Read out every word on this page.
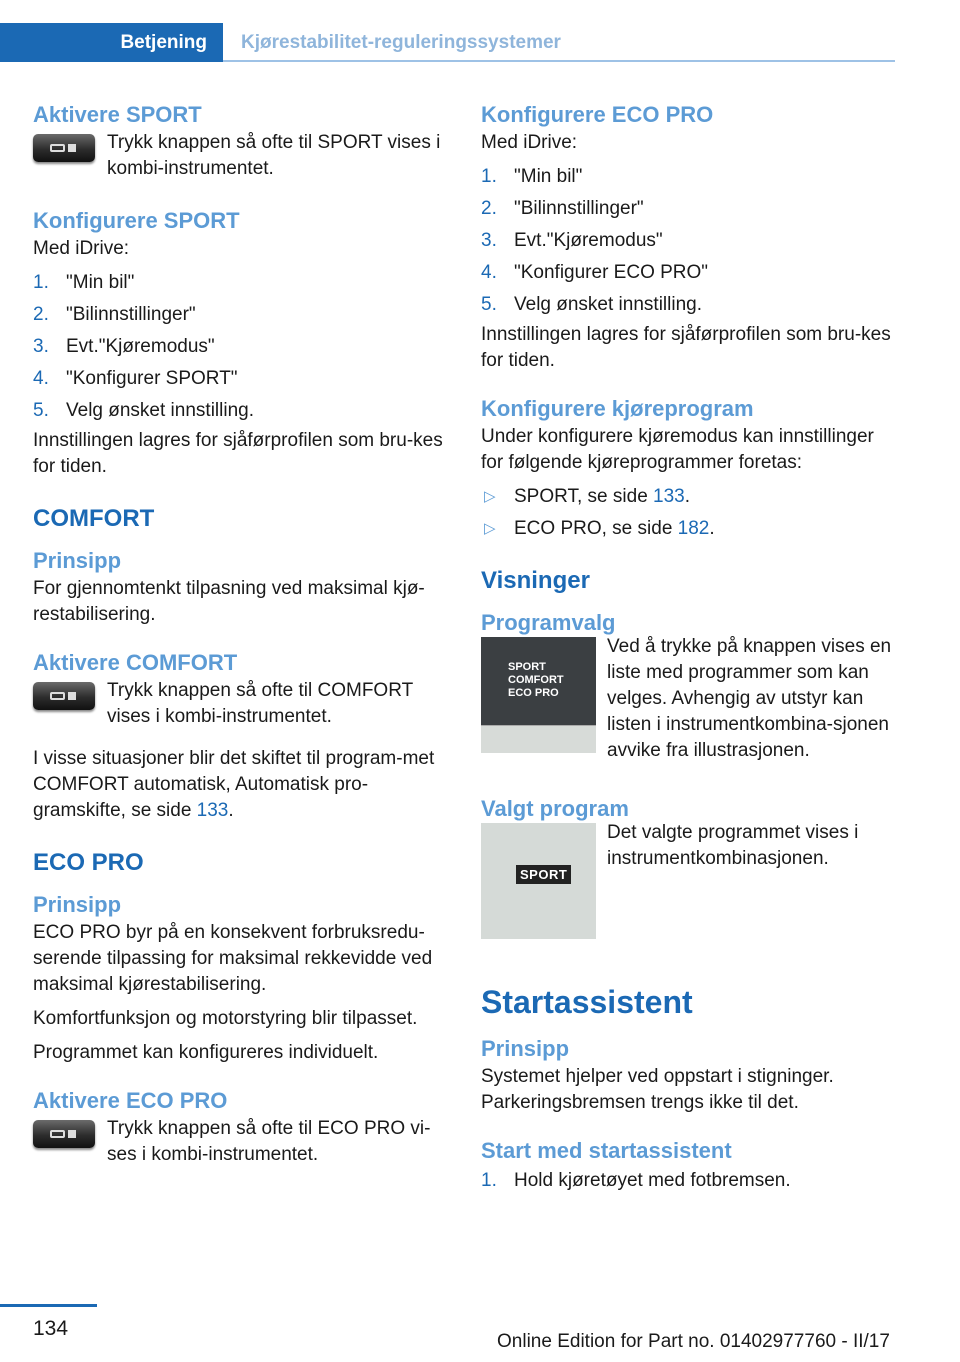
Betjening Kjørestabilitet-reguleringssystemer
Aktivere SPORT

Trykk knappen så ofte til SPORT vises i kombi-instrumentet.

Konfigurere SPORT

Med iDrive:

1. "Min bil"
2. "Bilinnstillinger"
3. Evt."Kjøremodus"
4. "Konfigurer SPORT"
5. Velg ønsket innstilling.

Innstillingen lagres for sjåførprofilen som bru-kes for tiden.

COMFORT
Prinsipp

For gjennomtenkt tilpasning ved maksimal kjø-restabilisering.

Aktivere COMFORT

Trykk knappen så ofte til COMFORT vises i kombi-instrumentet.

I visse situasjoner blir det skiftet til program-met COMFORT automatisk, Automatisk pro-gramskifte, se side 133.

ECO PRO
Prinsipp

ECO PRO byr på en konsekvent forbruksredu-serende tilpassing for maksimal rekkevidde ved maksimal kjørestabilisering.

Komfortfunksjon og motorstyring blir tilpasset.

Programmet kan konfigureres individuelt.

Aktivere ECO PRO

Trykk knappen så ofte til ECO PRO vi-ses i kombi-instrumentet.

Konfigurere ECO PRO

Med iDrive:

1. "Min bil"
2. "Bilinnstillinger"
3. Evt."Kjøremodus"
4. "Konfigurer ECO PRO"
5. Velg ønsket innstilling.

Innstillingen lagres for sjåførprofilen som bru-kes for tiden.

Konfigurere kjøreprogram

Under konfigurere kjøremodus kan innstillinger for følgende kjøreprogrammer foretas:

▷ SPORT, se side 133.
▷ ECO PRO, se side 182.
Visninger
Programvalg
SPORT
COMFORT
ECO PRO

Ved å trykke på knappen vises en liste med programmer som kan velges. Avhengig av utstyr kan listen i instrumentkombina-sjonen avvike fra illustrasjonen.

Valgt program
SPORT

Det valgte programmet vises i instrumentkombinasjonen.

Startassistent
Prinsipp

Systemet hjelper ved oppstart i stigninger. Parkeringsbremsen trengs ikke til det.

Start med startassistent
1. Hold kjøretøyet med fotbremsen.
134
Online Edition for Part no. 01402977760 - II/17
